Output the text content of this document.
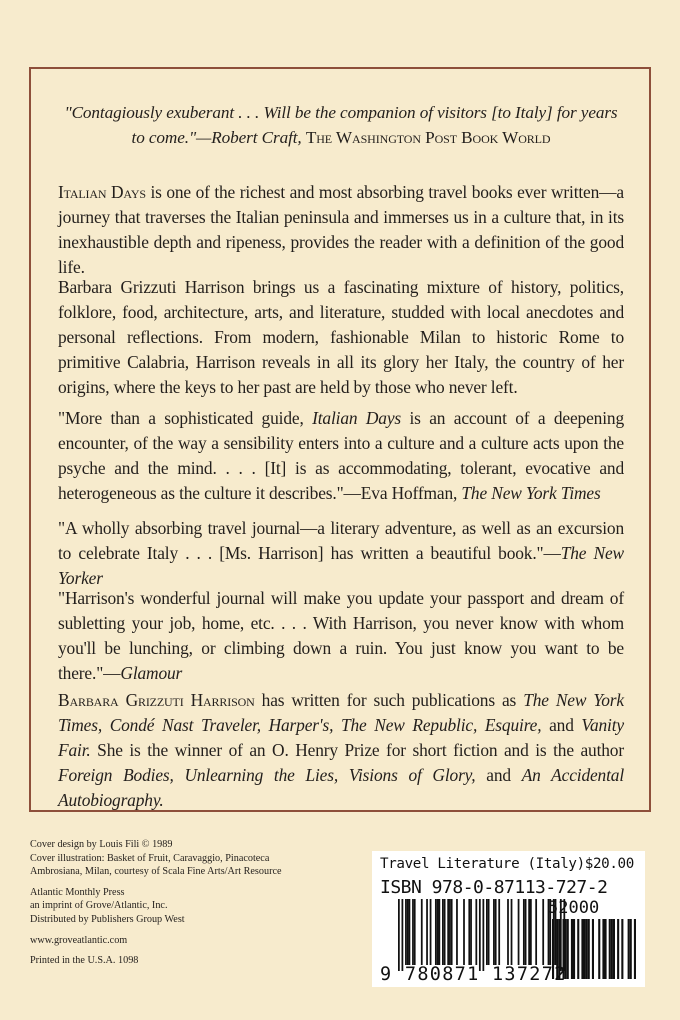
"Contagiously exuberant . . . Will be the companion of visitors [to Italy] for years to come."—Robert Craft, The Washington Post Book World

Italian Days is one of the richest and most absorbing travel books ever written—a journey that traverses the Italian peninsula and immerses us in a culture that, in its inexhaustible depth and ripeness, provides the reader with a definition of the good life.

Barbara Grizzuti Harrison brings us a fascinating mixture of history, politics, folklore, food, architecture, arts, and literature, studded with local anecdotes and personal reflections. From modern, fashionable Milan to historic Rome to primitive Calabria, Harrison reveals in all its glory her Italy, the country of her origins, where the keys to her past are held by those who never left.

"More than a sophisticated guide, Italian Days is an account of a deepening encounter, of the way a sensibility enters into a culture and a culture acts upon the psyche and the mind. . . . [It] is as accommodating, tolerant, evocative and heterogeneous as the culture it describes."—Eva Hoffman, The New York Times

"A wholly absorbing travel journal—a literary adventure, as well as an excursion to celebrate Italy . . . [Ms. Harrison] has written a beautiful book."—The New Yorker

"Harrison's wonderful journal will make you update your passport and dream of subletting your job, home, etc. . . . With Harrison, you never know with whom you'll be lunching, or climbing down a ruin. You just know you want to be there."—Glamour

Barbara Grizzuti Harrison has written for such publications as The New York Times, Condé Nast Traveler, Harper's, The New Republic, Esquire, and Vanity Fair. She is the winner of an O. Henry Prize for short fiction and is the author Foreign Bodies, Unlearning the Lies, Visions of Glory, and An Accidental Autobiography.

Cover design by Louis Fili © 1989
Cover illustration: Basket of Fruit, Caravaggio, Pinacoteca
Ambrosiana, Milan, courtesy of Scala Fine Arts/Art Resource
Atlantic Monthly Press
an imprint of Grove/Atlantic, Inc.
Distributed by Publishers Group West
www.groveatlantic.com
Printed in the U.S.A. 1098
Travel Literature (Italy)$20.00
ISBN 978-0-87113-727-2
52000
9 780871 137272
